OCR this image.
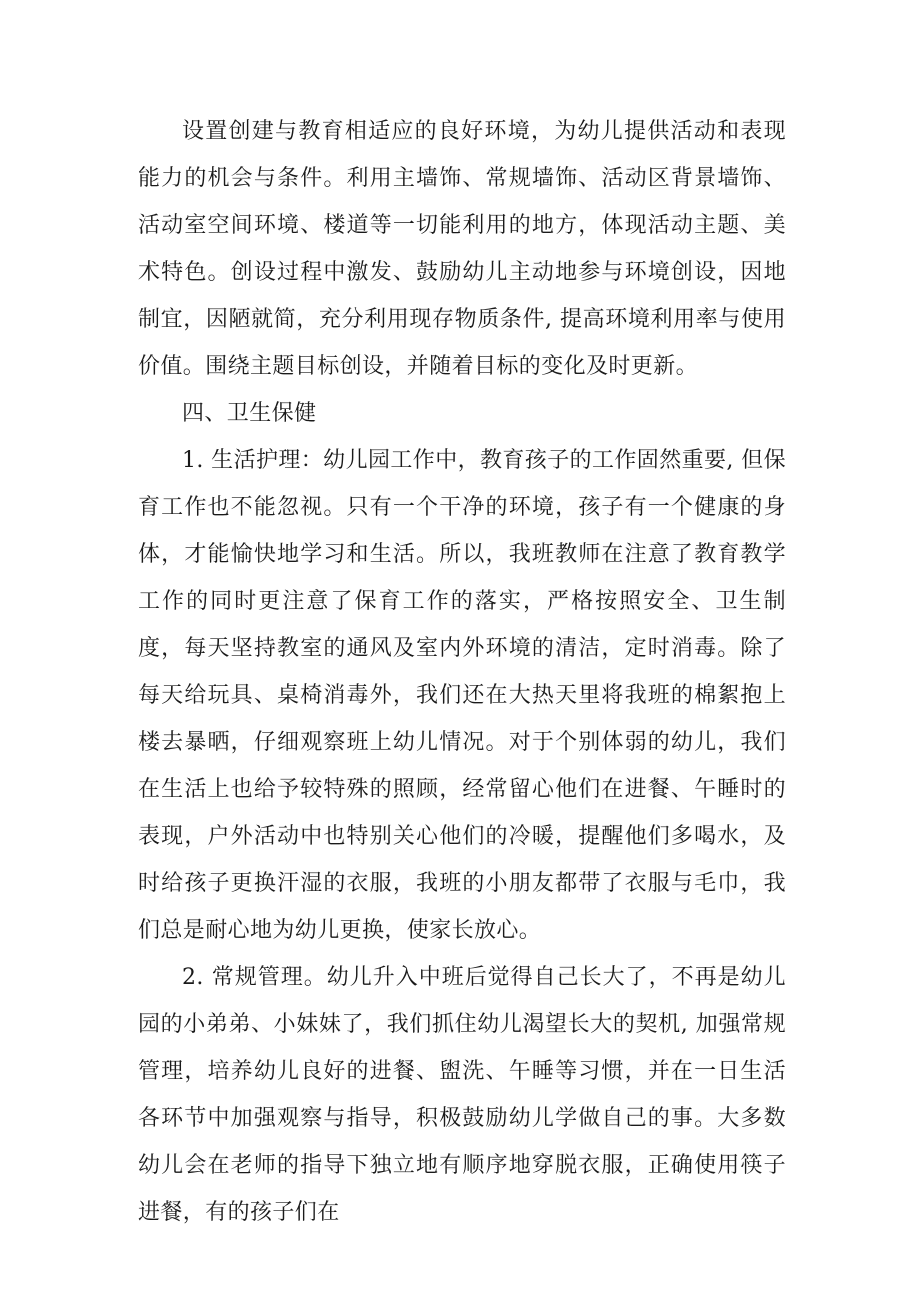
设置创建与教育相适应的良好环境，为幼儿提供活动和表现能力的机会与条件。利用主墙饰、常规墙饰、活动区背景墙饰、活动室空间环境、楼道等一切能利用的地方，体现活动主题、美术特色。创设过程中激发、鼓励幼儿主动地参与环境创设，因地制宜，因陋就简，充分利用现存物质条件, 提高环境利用率与使用价值。围绕主题目标创设，并随着目标的变化及时更新。

四、卫生保健

1. 生活护理：幼儿园工作中，教育孩子的工作固然重要, 但保育工作也不能忽视。只有一个干净的环境，孩子有一个健康的身体，才能愉快地学习和生活。所以，我班教师在注意了教育教学工作的同时更注意了保育工作的落实，严格按照安全、卫生制度，每天坚持教室的通风及室内外环境的清洁，定时消毒。除了每天给玩具、桌椅消毒外，我们还在大热天里将我班的棉絮抱上楼去暴晒，仔细观察班上幼儿情况。对于个别体弱的幼儿，我们在生活上也给予较特殊的照顾，经常留心他们在进餐、午睡时的表现，户外活动中也特别关心他们的冷暖，提醒他们多喝水，及时给孩子更换汗湿的衣服，我班的小朋友都带了衣服与毛巾，我们总是耐心地为幼儿更换，使家长放心。

2. 常规管理。幼儿升入中班后觉得自己长大了，不再是幼儿园的小弟弟、小妹妹了，我们抓住幼儿渴望长大的契机, 加强常规管理，培养幼儿良好的进餐、盥洗、午睡等习惯，并在一日生活各环节中加强观察与指导，积极鼓励幼儿学做自己的事。大多数幼儿会在老师的指导下独立地有顺序地穿脱衣服，正确使用筷子进餐，有的孩子们在
